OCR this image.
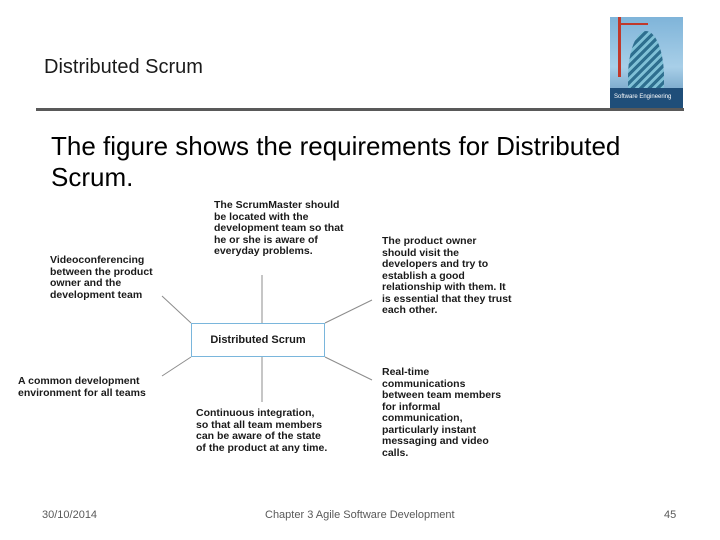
Distributed Scrum
Software Engineering
The figure shows the requirements for Distributed Scrum.
Distributed Scrum
The ScrumMaster should be located with the development team so that he or she is aware of everyday problems.
Videoconferencing between the product owner and the development team
The product owner should visit the developers and try to establish a good relationship with them. It is essential that they trust each other.
A common development environment for all teams
Real-time communications between team members for informal communication, particularly instant messaging and video calls.
Continuous integration, so that all team members can be aware of the state of the product at any time.
30/10/2014	Chapter 3 Agile Software Development	45
